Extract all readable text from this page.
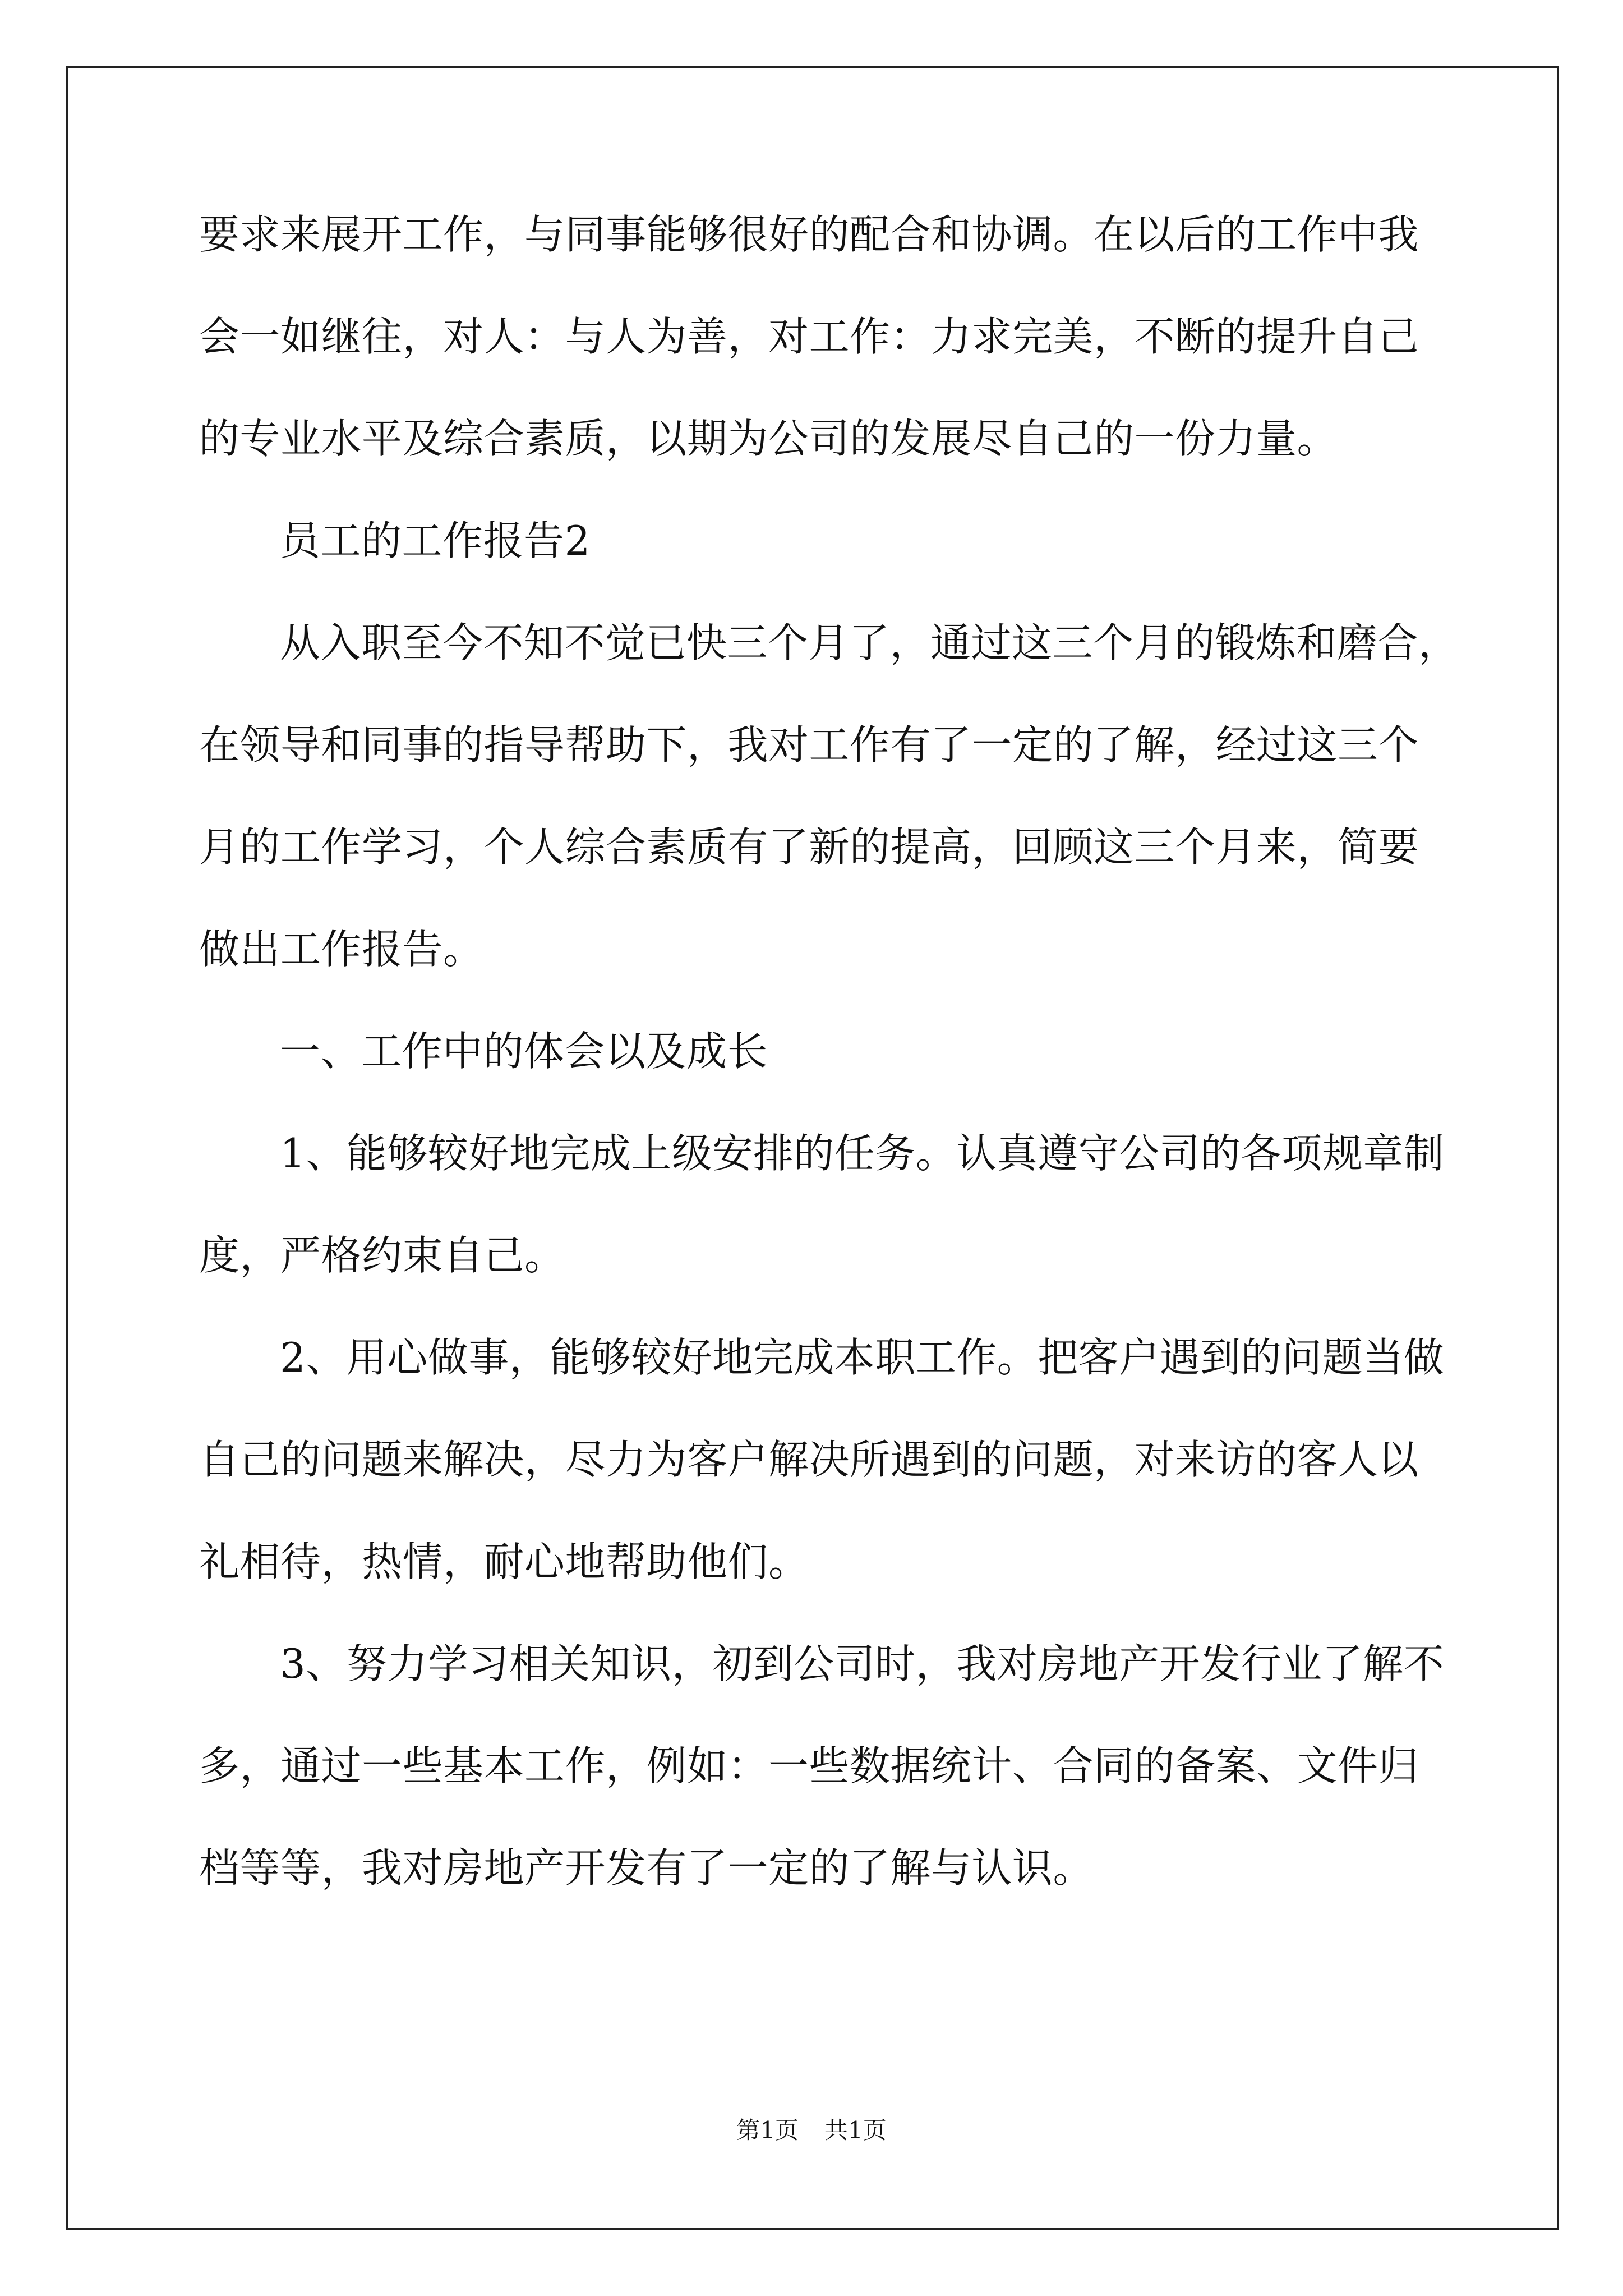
要求来展开工作，与同事能够很好的配合和协调。在以后的工作中我
会一如继往，对人：与人为善，对工作：力求完美，不断的提升自己
的专业水平及综合素质，以期为公司的发展尽自己的一份力量。
员工的工作报告2
从入职至今不知不觉已快三个月了，通过这三个月的锻炼和磨合，
在领导和同事的指导帮助下，我对工作有了一定的了解，经过这三个
月的工作学习，个人综合素质有了新的提高，回顾这三个月来，简要
做出工作报告。
一、工作中的体会以及成长
1、能够较好地完成上级安排的任务。认真遵守公司的各项规章制
度，严格约束自己。
2、用心做事，能够较好地完成本职工作。把客户遇到的问题当做
自己的问题来解决，尽力为客户解决所遇到的问题，对来访的客人以
礼相待，热情，耐心地帮助他们。
3、努力学习相关知识，初到公司时，我对房地产开发行业了解不
多，通过一些基本工作，例如：一些数据统计、合同的备案、文件归
档等等，我对房地产开发有了一定的了解与认识。
第1页 共1页
